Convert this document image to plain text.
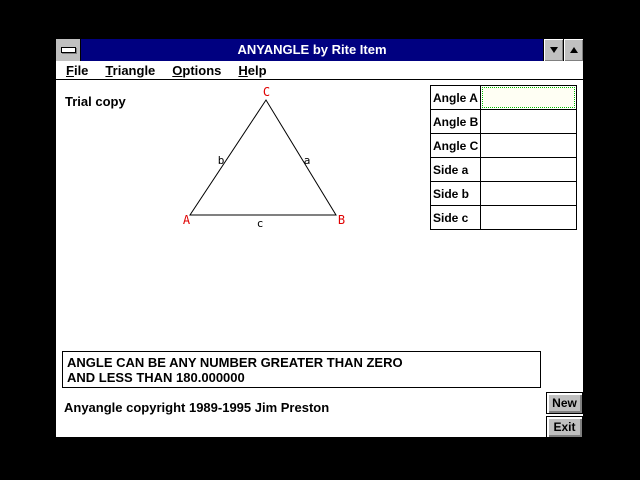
ANYANGLE by Rite Item
File Triangle Options Help
Trial copy
C
A	B
b	a
c
Angle A
Angle B
Angle C
Side a
Side b
Side c
ANGLE CAN BE ANY NUMBER GREATER THAN ZERO
AND LESS THAN 180.000000
Anyangle copyright 1989-1995 Jim Preston	New
Exit
